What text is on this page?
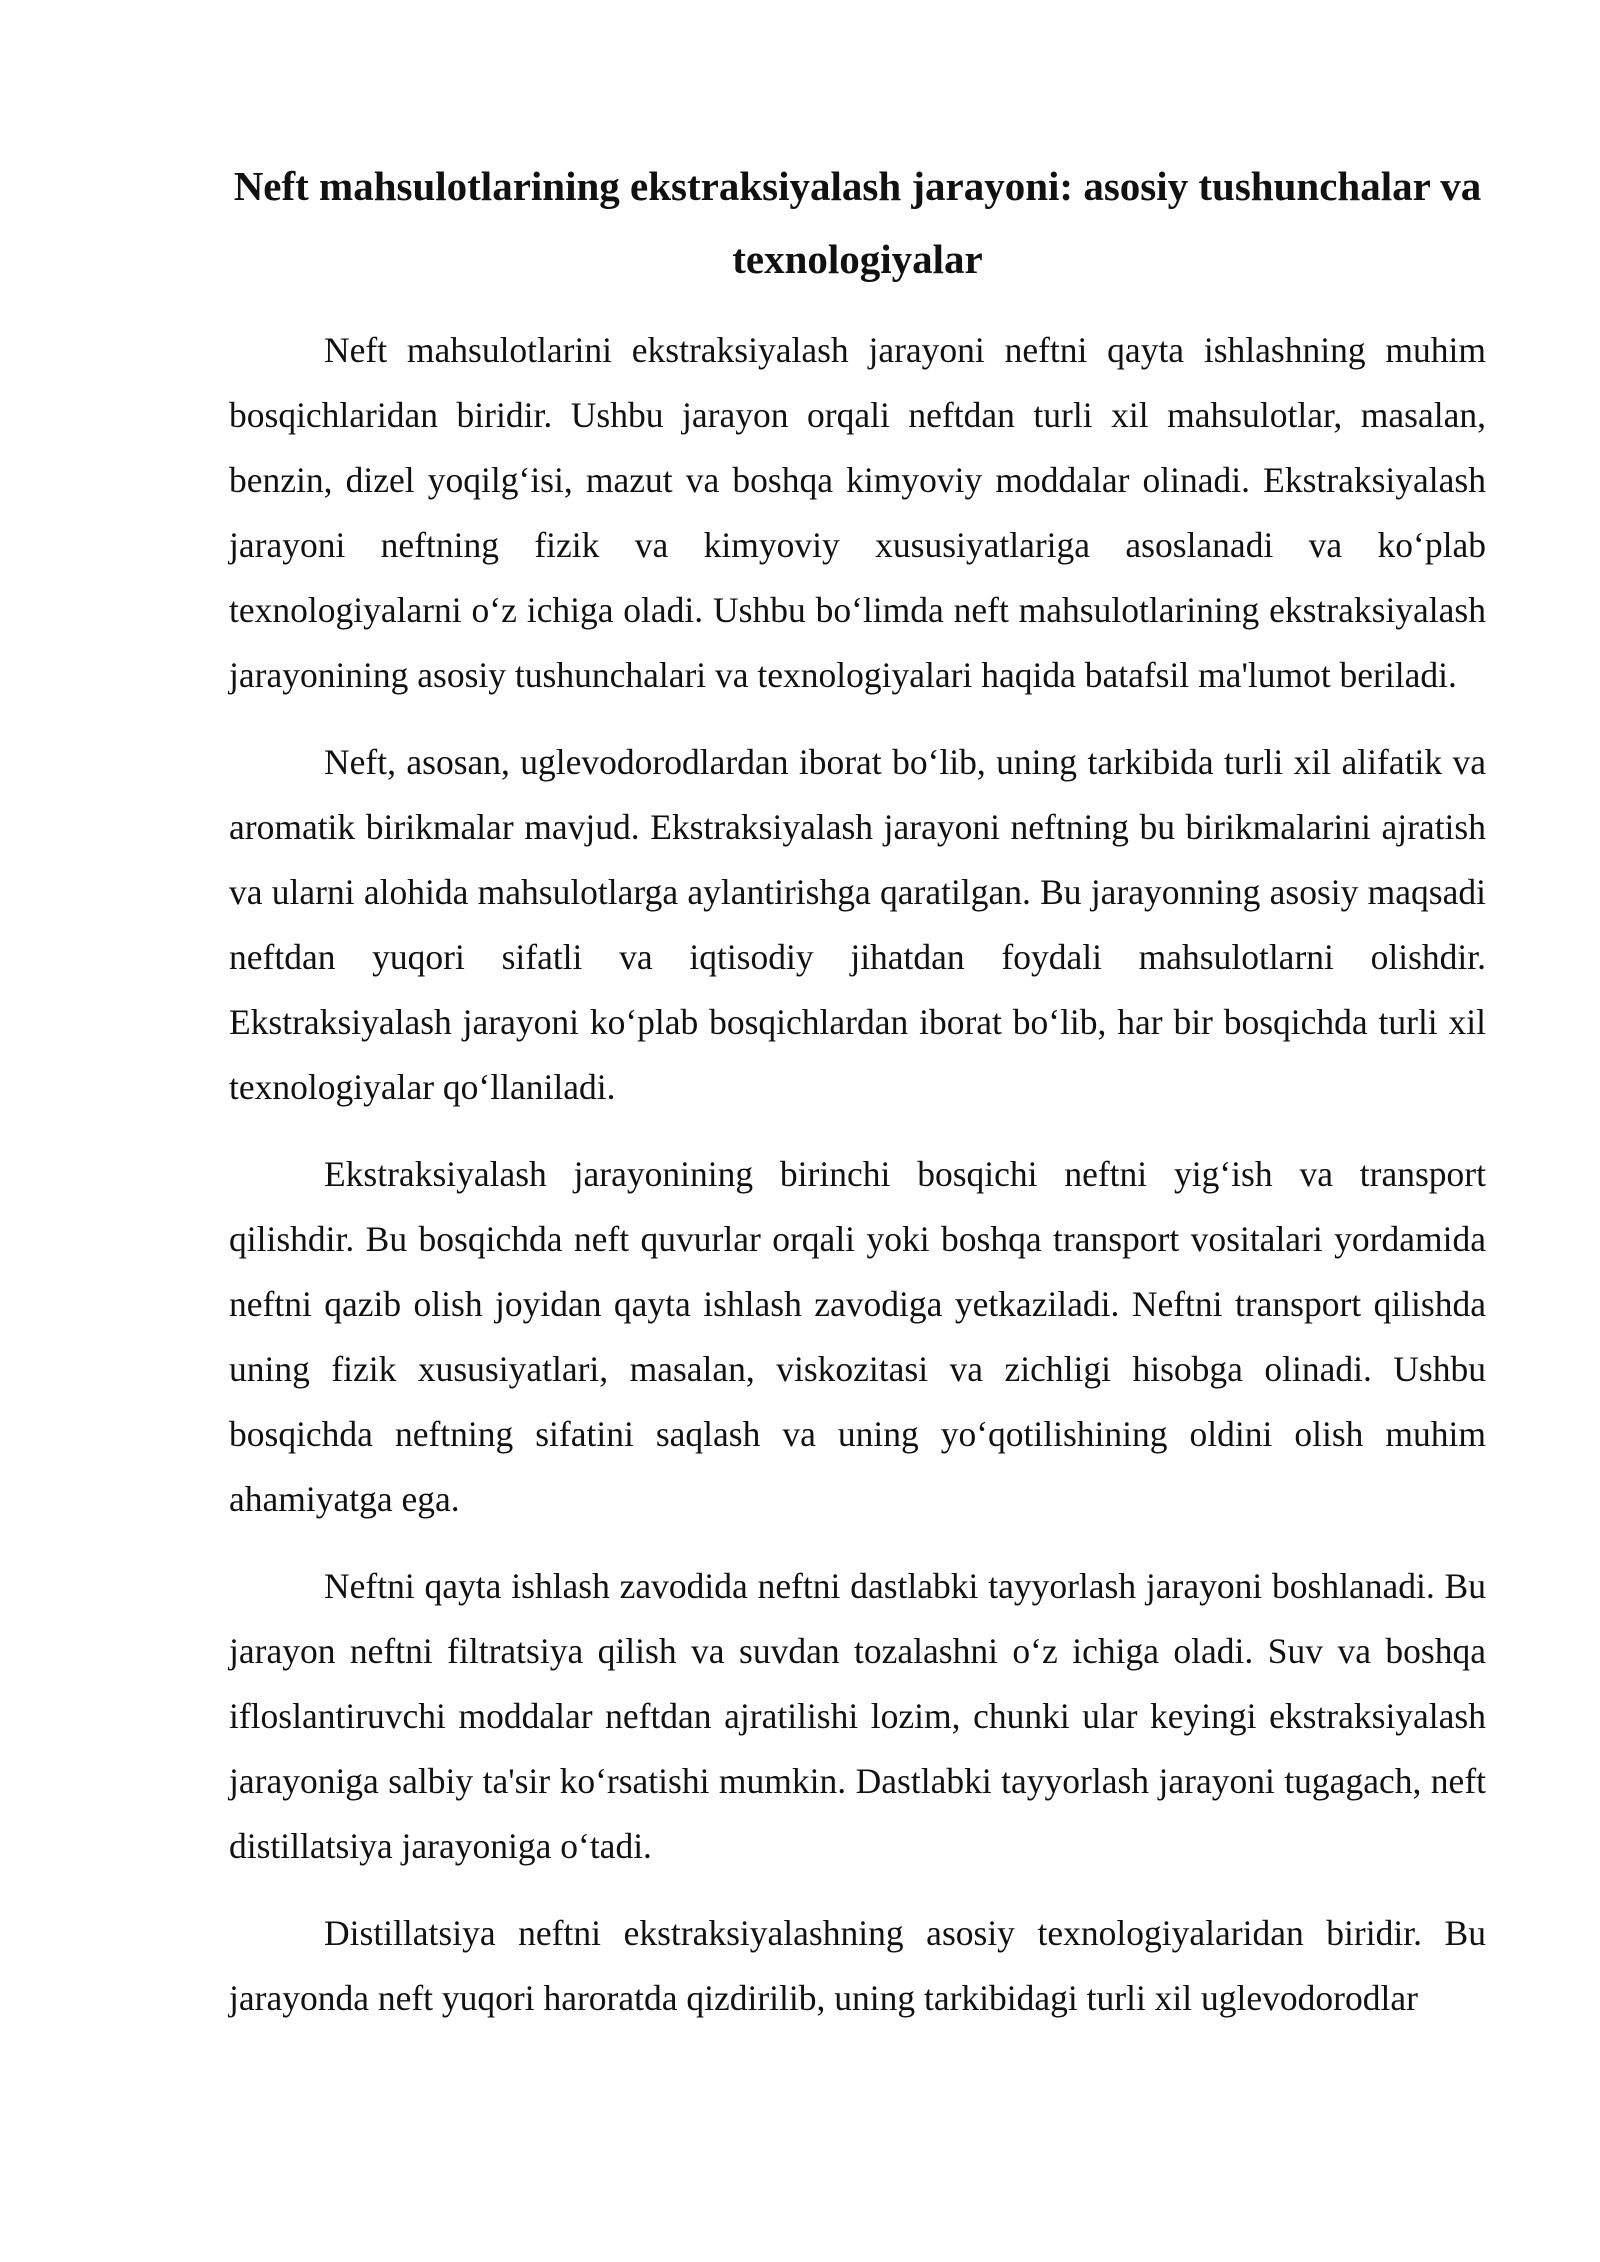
Neft mahsulotlarining ekstraksiyalash jarayoni: asosiy tushunchalar va texnologiyalar

Neft mahsulotlarini ekstraksiyalash jarayoni neftni qayta ishlashning muhim bosqichlaridan biridir. Ushbu jarayon orqali neftdan turli xil mahsulotlar, masalan, benzin, dizel yoqilg‘isi, mazut va boshqa kimyoviy moddalar olinadi. Ekstraksiyalash jarayoni neftning fizik va kimyoviy xususiyatlariga asoslanadi va ko‘plab texnologiyalarni o‘z ichiga oladi. Ushbu bo‘limda neft mahsulotlarining ekstraksiyalash jarayonining asosiy tushunchalari va texnologiyalari haqida batafsil ma'lumot beriladi.

Neft, asosan, uglevodorodlardan iborat bo‘lib, uning tarkibida turli xil alifatik va aromatik birikmalar mavjud. Ekstraksiyalash jarayoni neftning bu birikmalarini ajratish va ularni alohida mahsulotlarga aylantirishga qaratilgan. Bu jarayonning asosiy maqsadi neftdan yuqori sifatli va iqtisodiy jihatdan foydali mahsulotlarni olishdir. Ekstraksiyalash jarayoni ko‘plab bosqichlardan iborat bo‘lib, har bir bosqichda turli xil texnologiyalar qo‘llaniladi.

Ekstraksiyalash jarayonining birinchi bosqichi neftni yig‘ish va transport qilishdir. Bu bosqichda neft quvurlar orqali yoki boshqa transport vositalari yordamida neftni qazib olish joyidan qayta ishlash zavodiga yetkaziladi. Neftni transport qilishda uning fizik xususiyatlari, masalan, viskozitasi va zichligi hisobga olinadi. Ushbu bosqichda neftning sifatini saqlash va uning yo‘qotilishining oldini olish muhim ahamiyatga ega.

Neftni qayta ishlash zavodida neftni dastlabki tayyorlash jarayoni boshlanadi. Bu jarayon neftni filtratsiya qilish va suvdan tozalashni o‘z ichiga oladi. Suv va boshqa ifloslantiruvchi moddalar neftdan ajratilishi lozim, chunki ular keyingi ekstraksiyalash jarayoniga salbiy ta'sir ko‘rsatishi mumkin. Dastlabki tayyorlash jarayoni tugagach, neft distillatsiya jarayoniga o‘tadi.

Distillatsiya neftni ekstraksiyalashning asosiy texnologiyalaridan biridir. Bu jarayonda neft yuqori haroratda qizdirilib, uning tarkibidagi turli xil uglevodorodlar
